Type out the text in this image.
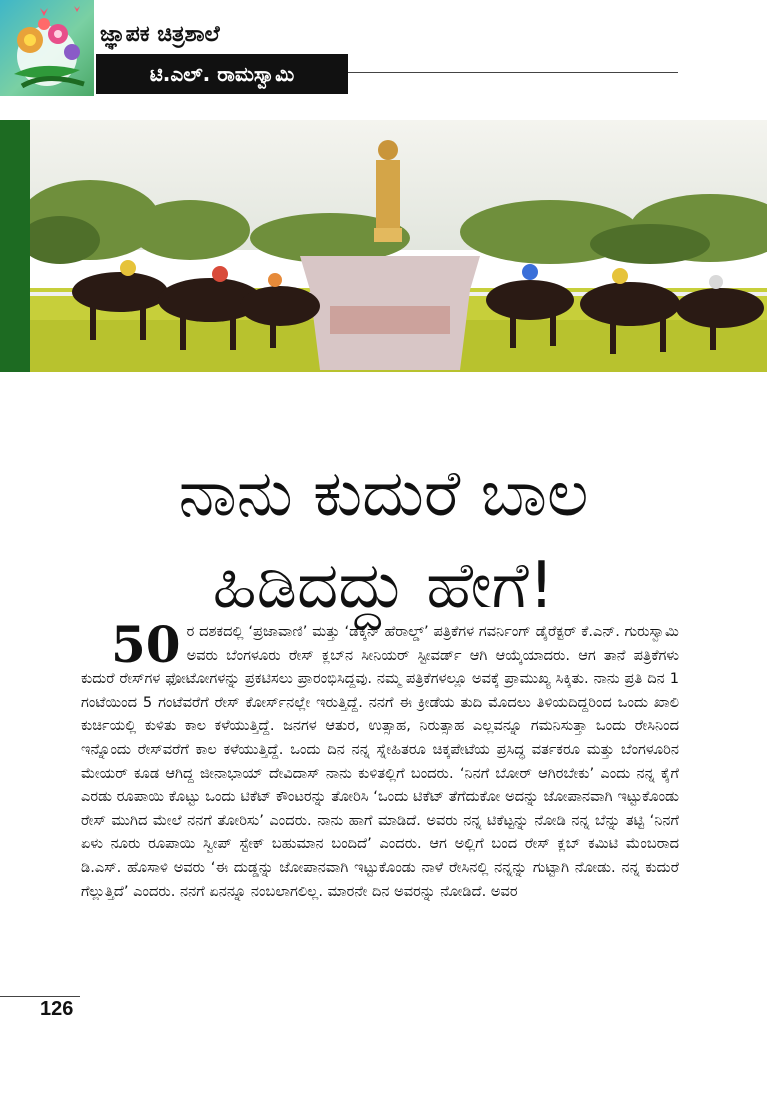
ಜ್ಞಾಪಕ ಚಿತ್ರಶಾಲೆ
ಟಿ.ಎಲ್. ರಾಮಸ್ವಾಮಿ
ನಾನು ಕುದುರೆ ಬಾಲ
ಹಿಡಿದದ್ದು ಹೇಗೆ!
50 ರ ದಶಕದಲ್ಲಿ ‘ಪ್ರಜಾವಾಣಿ’ ಮತ್ತು ‘ಡೆಕ್ಕನ್ ಹೆರಾಲ್ಡ್’ ಪತ್ರಿಕೆಗಳ ಗವರ್ನಿಂಗ್ ಡೈರೆಕ್ಟರ್ ಕೆ.ಎನ್. ಗುರುಸ್ವಾಮಿ ಅವರು ಬೆಂಗಳೂರು ರೇಸ್ ಕ್ಲಬ್‌ನ ಸೀನಿಯರ್ ಸ್ಟೀವರ್ಡ್ ಆಗಿ ಆಯ್ಕೆಯಾದರು. ಆಗ ತಾನೆ ಪತ್ರಿಕೆಗಳು ಕುದುರೆ ರೇಸ್‌ಗಳ ಫೋಟೋಗಳನ್ನು ಪ್ರಕಟಿಸಲು ಪ್ರಾರಂಭಿಸಿದ್ದವು. ನಮ್ಮ ಪತ್ರಿಕೆಗಳಲ್ಲೂ ಅವಕ್ಕೆ ಪ್ರಾಮುಖ್ಯ ಸಿಕ್ಕಿತು. ನಾನು ಪ್ರತಿ ದಿನ 1 ಗಂಟೆಯಿಂದ 5 ಗಂಟೆವರೆಗೆ ರೇಸ್ ಕೋರ್ಸ್‌ನಲ್ಲೇ ಇರುತ್ತಿದ್ದೆ. ನನಗೆ ಈ ಕ್ರೀಡೆಯ ತುದಿ ಮೊದಲು ತಿಳಿಯದಿದ್ದರಿಂದ ಒಂದು ಖಾಲಿ ಕುರ್ಚಿಯಲ್ಲಿ ಕುಳಿತು ಕಾಲ ಕಳೆಯುತ್ತಿದ್ದೆ. ಜನಗಳ ಆತುರ, ಉತ್ಸಾಹ, ನಿರುತ್ಸಾಹ ಎಲ್ಲವನ್ನೂ ಗಮನಿಸುತ್ತಾ ಒಂದು ರೇಸಿನಿಂದ ಇನ್ನೊಂದು ರೇಸ್‌ವರೆಗೆ ಕಾಲ ಕಳೆಯುತ್ತಿದ್ದೆ. ಒಂದು ದಿನ ನನ್ನ ಸ್ನೇಹಿತರೂ ಚಿಕ್ಕಪೇಟೆಯ ಪ್ರಸಿದ್ಧ ವರ್ತಕರೂ ಮತ್ತು ಬೆಂಗಳೂರಿನ ಮೇಯರ್ ಕೂಡ ಆಗಿದ್ದ ಜೀನಾಭಾಯ್ ದೇವಿದಾಸ್ ನಾನು ಕುಳಿತಲ್ಲಿಗೆ ಬಂದರು. ‘ನಿನಗೆ ಬೋರ್ ಆಗಿರಬೇಕು’ ಎಂದು ನನ್ನ ಕೈಗೆ ಎರಡು ರೂಪಾಯಿ ಕೊಟ್ಟು ಒಂದು ಟಿಕೆಟ್ ಕೌಂಟರನ್ನು ತೋರಿಸಿ ‘ಒಂದು ಟಿಕೆಟ್ ತೆಗೆದುಕೋ ಅದನ್ನು ಜೋಪಾನವಾಗಿ ಇಟ್ಟುಕೊಂಡು ರೇಸ್ ಮುಗಿದ ಮೇಲೆ ನನಗೆ ತೋರಿಸು’ ಎಂದರು. ನಾನು ಹಾಗೆ ಮಾಡಿದೆ. ಅವರು ನನ್ನ ಟಿಕೆಟ್ಟನ್ನು ನೋಡಿ ನನ್ನ ಬೆನ್ನು ತಟ್ಟಿ ‘ನಿನಗೆ ಏಳು ನೂರು ರೂಪಾಯಿ ಸ್ವೀಪ್ ಸ್ಟೇಕ್ ಬಹುಮಾನ ಬಂದಿದೆ’ ಎಂದರು. ಆಗ ಅಲ್ಲಿಗೆ ಬಂದ ರೇಸ್ ಕ್ಲಬ್ ಕಮಿಟಿ ಮೆಂಬರಾದ ಡಿ.ಎಸ್. ಹೊಸಾಳಿ ಅವರು ‘ಈ ದುಡ್ಡನ್ನು ಜೋಪಾನವಾಗಿ ಇಟ್ಟುಕೊಂಡು ನಾಳೆ ರೇಸಿನಲ್ಲಿ ನನ್ನನ್ನು ಗುಟ್ಟಾಗಿ ನೋಡು. ನನ್ನ ಕುದುರೆ ಗೆಲ್ಲುತ್ತಿದೆ’ ಎಂದರು. ನನಗೆ ಏನನ್ನೂ ನಂಬಲಾಗಲಿಲ್ಲ. ಮಾರನೇ ದಿನ ಅವರನ್ನು ನೋಡಿದೆ. ಅವರ
126
